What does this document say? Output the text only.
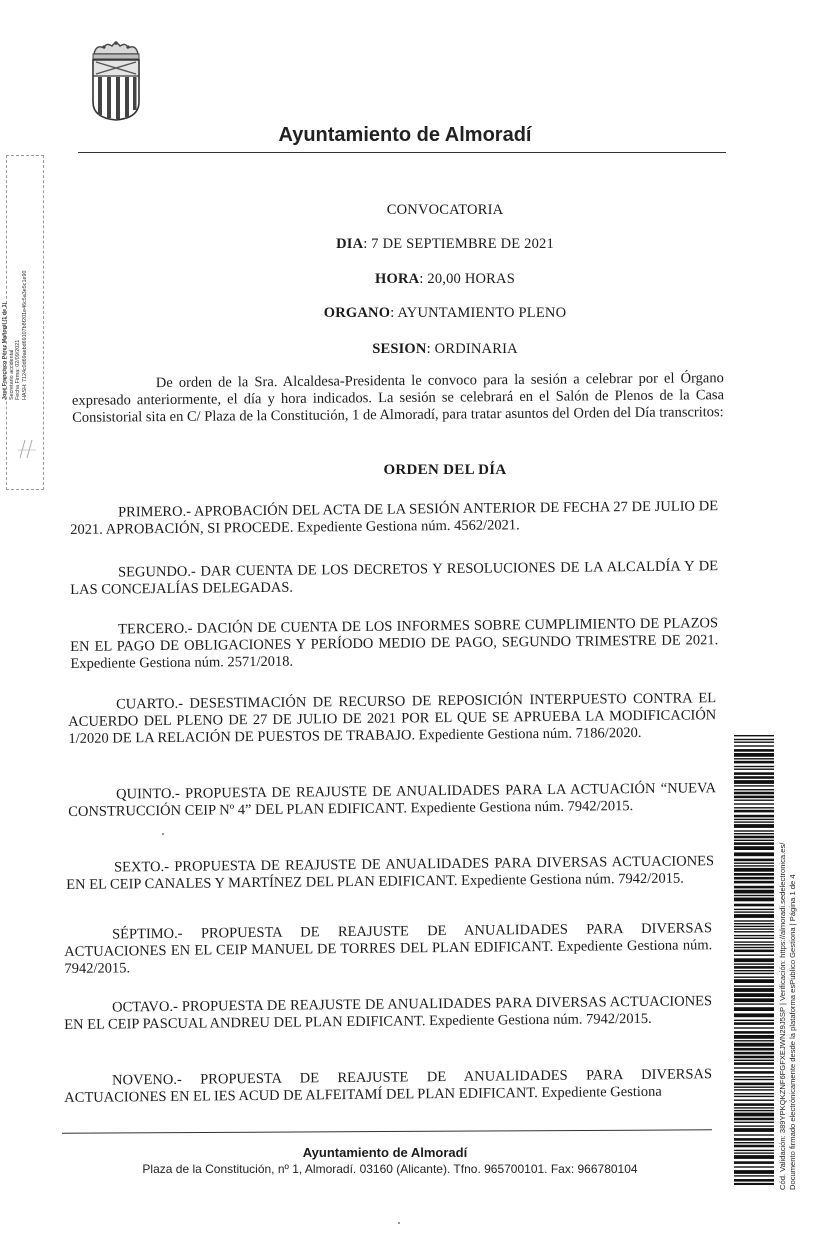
Ayuntamiento de Almoradí
José Francisco Pérez Mañogil (1 de 1) Secretario accidental Fecha Firma: 02/09/2021 HASH: 7124c0d69aebd69107b8f201e46c5a3e5c1e90
CONVOCATORIA
DIA: 7 DE SEPTIEMBRE DE 2021
HORA: 20,00 HORAS
ORGANO: AYUNTAMIENTO PLENO
SESION: ORDINARIA
De orden de la Sra. Alcaldesa-Presidenta le convoco para la sesión a celebrar por el Órgano expresado anteriormente, el día y hora indicados. La sesión se celebrará en el Salón de Plenos de la Casa Consistorial sita en C/ Plaza de la Constitución, 1 de Almoradí, para tratar asuntos del Orden del Día transcritos:
ORDEN DEL DÍA
PRIMERO.- APROBACIÓN DEL ACTA DE LA SESIÓN ANTERIOR DE FECHA 27 DE JULIO DE 2021. APROBACIÓN, SI PROCEDE. Expediente Gestiona núm. 4562/2021.
SEGUNDO.- DAR CUENTA DE LOS DECRETOS Y RESOLUCIONES DE LA ALCALDÍA Y DE LAS CONCEJALÍAS DELEGADAS.
TERCERO.- DACIÓN DE CUENTA DE LOS INFORMES SOBRE CUMPLIMIENTO DE PLAZOS EN EL PAGO DE OBLIGACIONES Y PERÍODO MEDIO DE PAGO, SEGUNDO TRIMESTRE DE 2021. Expediente Gestiona núm. 2571/2018.
CUARTO.- DESESTIMACIÓN DE RECURSO DE REPOSICIÓN INTERPUESTO CONTRA EL ACUERDO DEL PLENO DE 27 DE JULIO DE 2021 POR EL QUE SE APRUEBA LA MODIFICACIÓN 1/2020 DE LA RELACIÓN DE PUESTOS DE TRABAJO. Expediente Gestiona núm. 7186/2020.
QUINTO.- PROPUESTA DE REAJUSTE DE ANUALIDADES PARA LA ACTUACIÓN “NUEVA CONSTRUCCIÓN CEIP Nº 4” DEL PLAN EDIFICANT. Expediente Gestiona núm. 7942/2015.
SEXTO.- PROPUESTA DE REAJUSTE DE ANUALIDADES PARA DIVERSAS ACTUACIONES EN EL CEIP CANALES Y MARTÍNEZ DEL PLAN EDIFICANT. Expediente Gestiona núm. 7942/2015.
SÉPTIMO.- PROPUESTA DE REAJUSTE DE ANUALIDADES PARA DIVERSAS ACTUACIONES EN EL CEIP MANUEL DE TORRES DEL PLAN EDIFICANT. Expediente Gestiona núm. 7942/2015.
OCTAVO.- PROPUESTA DE REAJUSTE DE ANUALIDADES PARA DIVERSAS ACTUACIONES EN EL CEIP PASCUAL ANDREU DEL PLAN EDIFICANT. Expediente Gestiona núm. 7942/2015.
NOVENO.- PROPUESTA DE REAJUSTE DE ANUALIDADES PARA DIVERSAS ACTUACIONES EN EL IES ACUD DE ALFEITAMÍ DEL PLAN EDIFICANT. Expediente Gestiona
Ayuntamiento de Almoradí
Plaza de la Constitución, nº 1, Almoradí. 03160 (Alicante). Tfno. 965700101. Fax: 966780104	Cód. Validación: 389YPKQKZNF6FGFXEJWN29J5SP | Verificación: https://almoradi.sedelectronica.es/ Documento firmado electrónicamente desde la plataforma esPublico Gestiona | Página 1 de 4
